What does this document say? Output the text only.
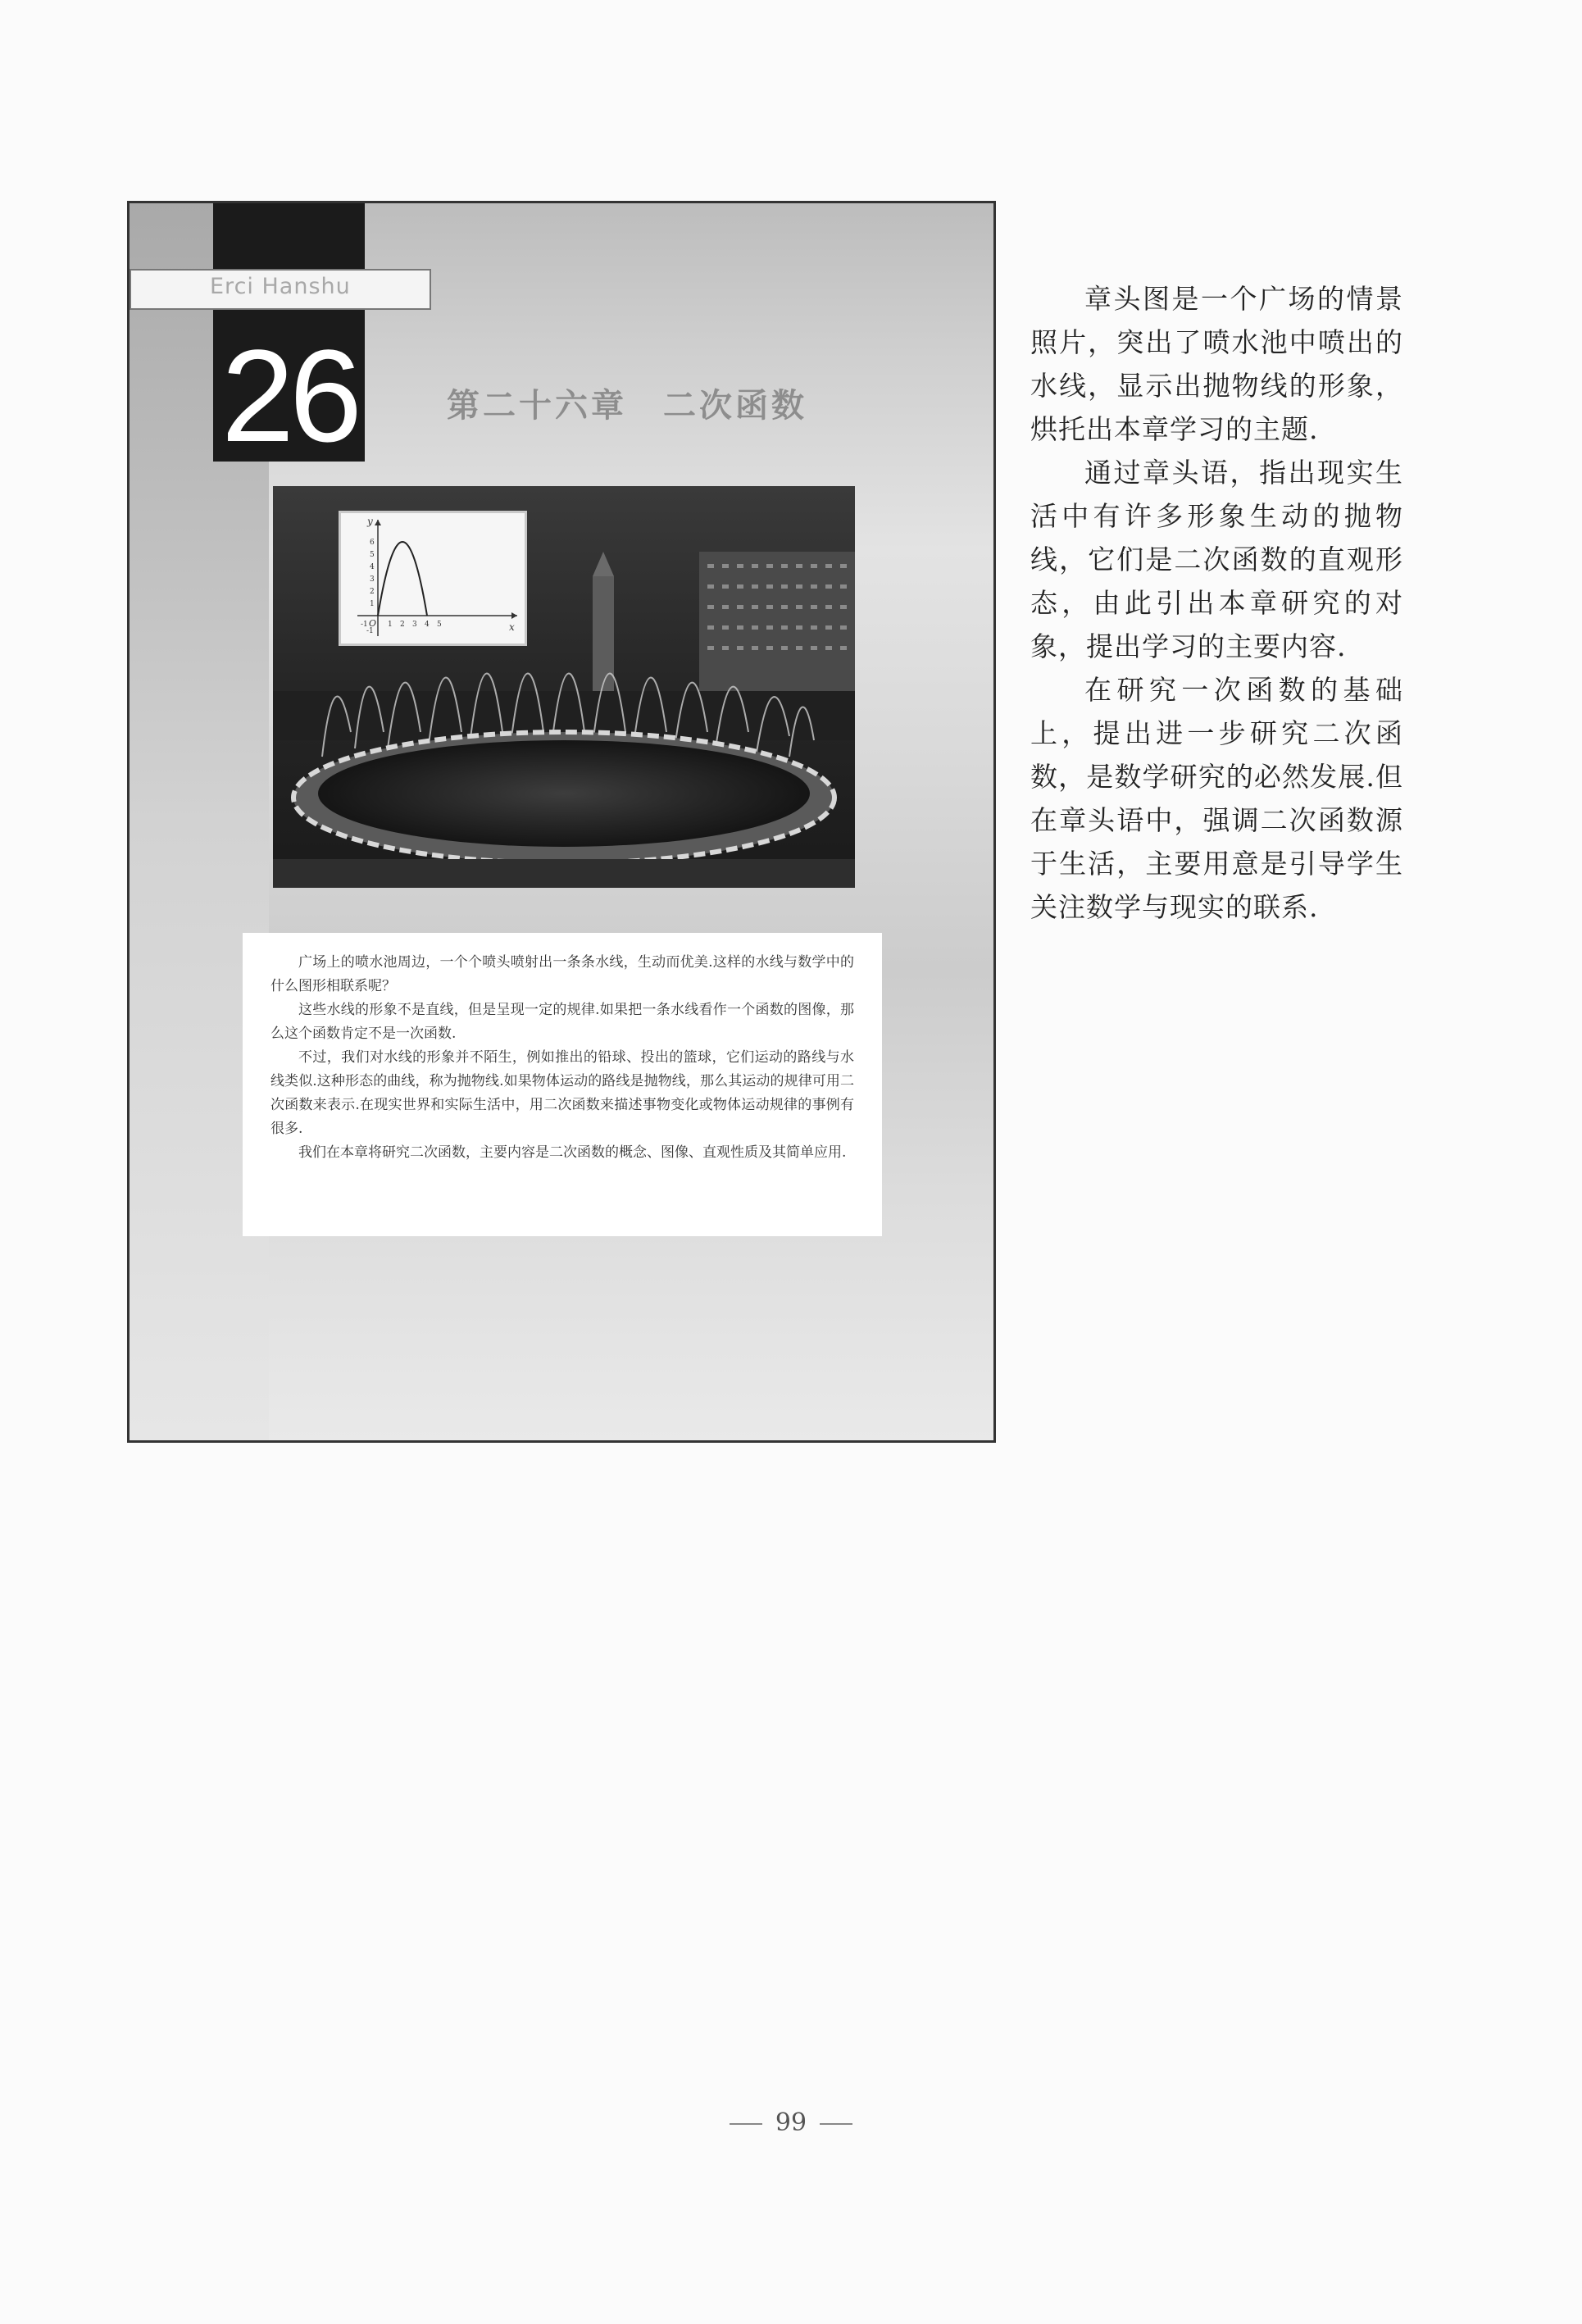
Erci Hanshu
26	第二十六章　二次函数
y
x
O
-1	1 2 3 4 5
-1
1
2
3
4
5
6

广场上的喷水池周边，一个个喷头喷射出一条条水线，生动而优美.这样的水线与数学中的什么图形相联系呢？

这些水线的形象不是直线，但是呈现一定的规律.如果把一条水线看作一个函数的图像，那么这个函数肯定不是一次函数.

不过，我们对水线的形象并不陌生，例如推出的铅球、投出的篮球，它们运动的路线与水线类似.这种形态的曲线，称为抛物线.如果物体运动的路线是抛物线，那么其运动的规律可用二次函数来表示.在现实世界和实际生活中，用二次函数来描述事物变化或物体运动规律的事例有很多.

我们在本章将研究二次函数，主要内容是二次函数的概念、图像、直观性质及其简单应用.

章头图是一个广场的情景照片，突出了喷水池中喷出的水线，显示出抛物线的形象，烘托出本章学习的主题.

通过章头语，指出现实生活中有许多形象生动的抛物线，它们是二次函数的直观形态，由此引出本章研究的对象，提出学习的主要内容.

在研究一次函数的基础上，提出进一步研究二次函数，是数学研究的必然发展.但在章头语中，强调二次函数源于生活，主要用意是引导学生关注数学与现实的联系.

99
